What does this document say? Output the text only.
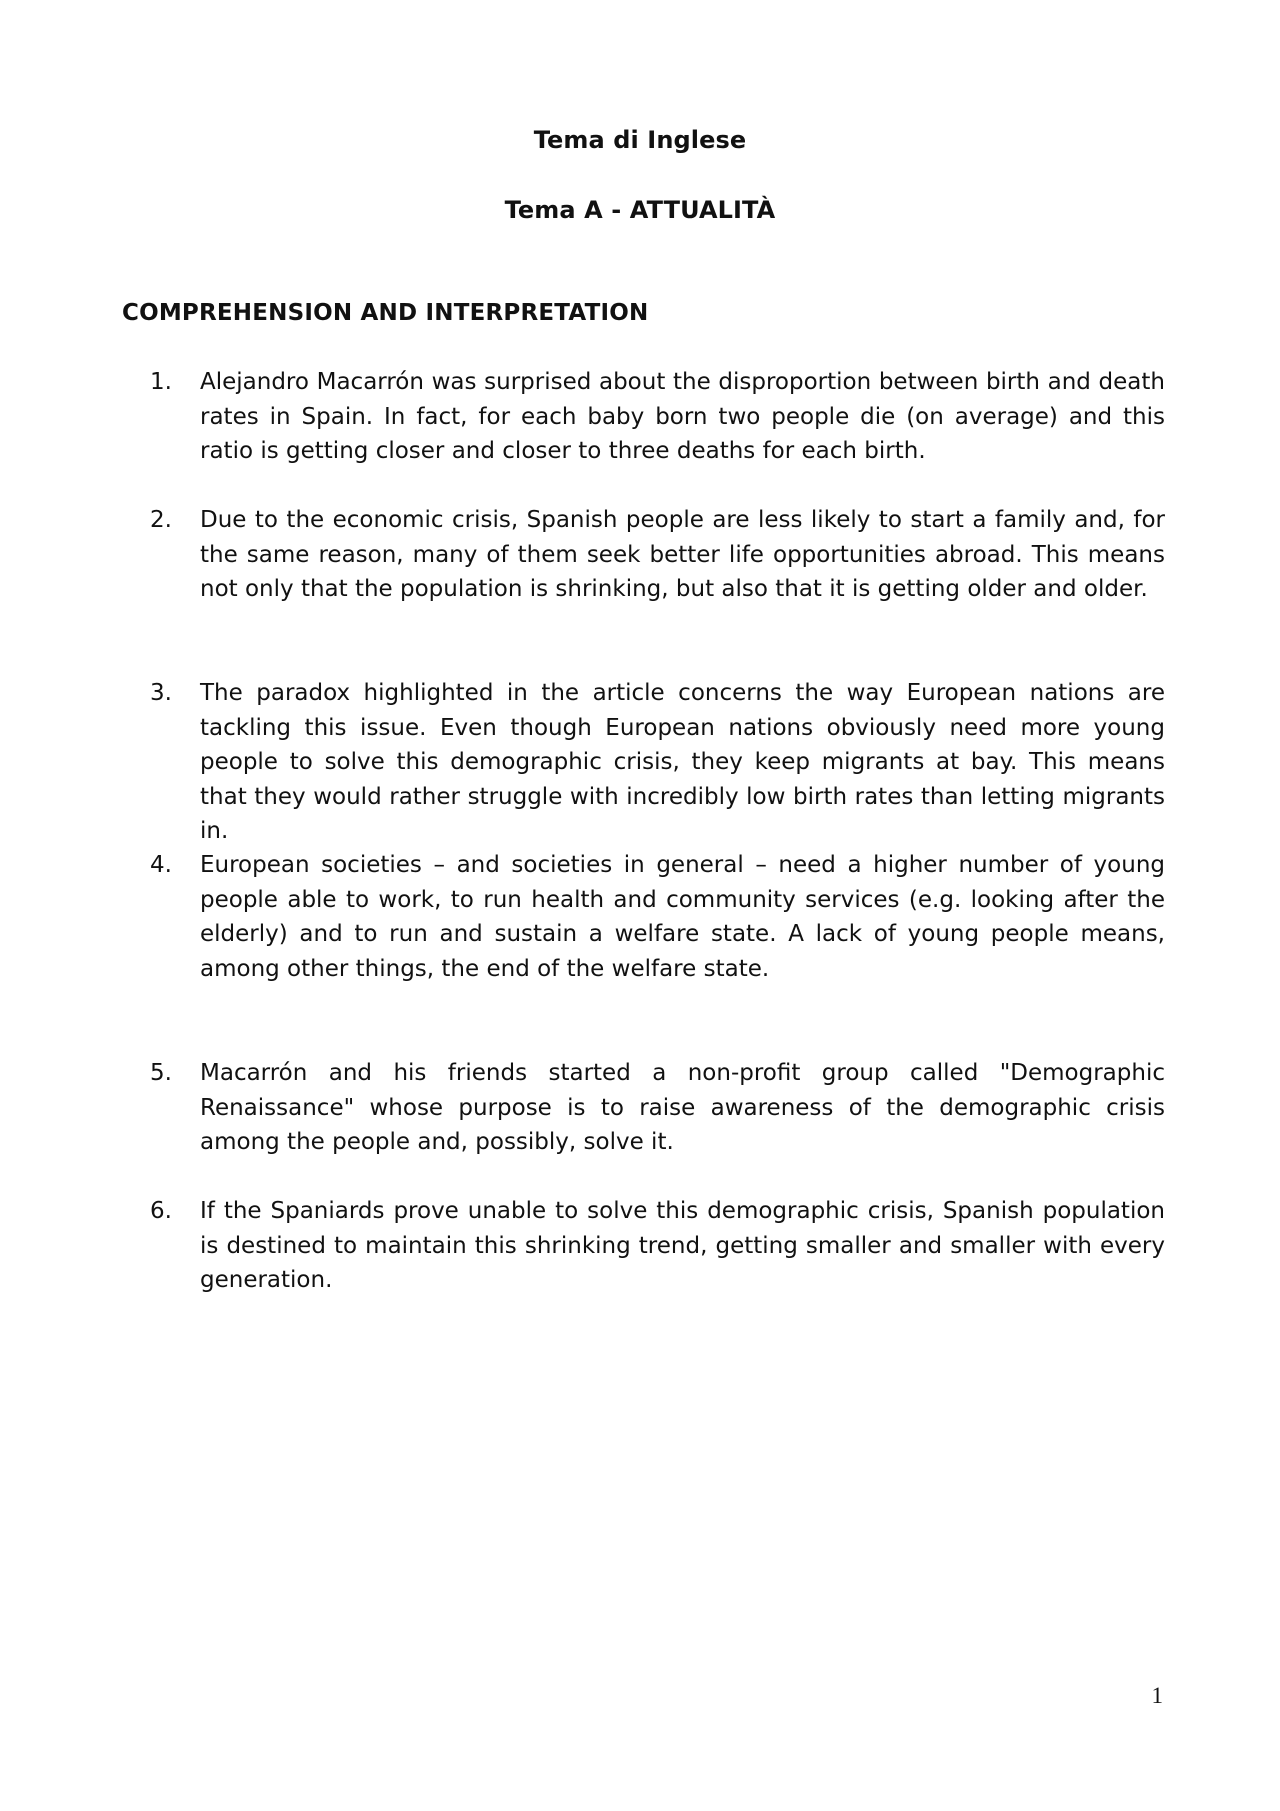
Tema di Inglese
Tema A - ATTUALITÀ
COMPREHENSION AND INTERPRETATION
1.	Alejandro Macarrón was surprised about the disproportion between birth and death rates in Spain. In fact, for each baby born two people die (on average) and this ratio is getting closer and closer to three deaths for each birth.

2.	Due to the economic crisis, Spanish people are less likely to start a family and, for the same reason, many of them seek better life opportunities abroad. This means not only that the population is shrinking, but also that it is getting older and older.

3.	The paradox highlighted in the article concerns the way European nations are tackling this issue. Even though European nations obviously need more young people to solve this demographic crisis, they keep migrants at bay. This means that they would rather struggle with incredibly low birth rates than letting migrants in.

4.	European societies – and societies in general – need a higher number of young people able to work, to run health and community services (e.g. looking after the elderly) and to run and sustain a welfare state. A lack of young people means, among other things, the end of the welfare state.

5.	Macarrón and his friends started a non-profit group called "Demographic Renaissance" whose purpose is to raise awareness of the demographic crisis among the people and, possibly, solve it.

6.	If the Spaniards prove unable to solve this demographic crisis, Spanish population is destined to maintain this shrinking trend, getting smaller and smaller with every generation.

1
